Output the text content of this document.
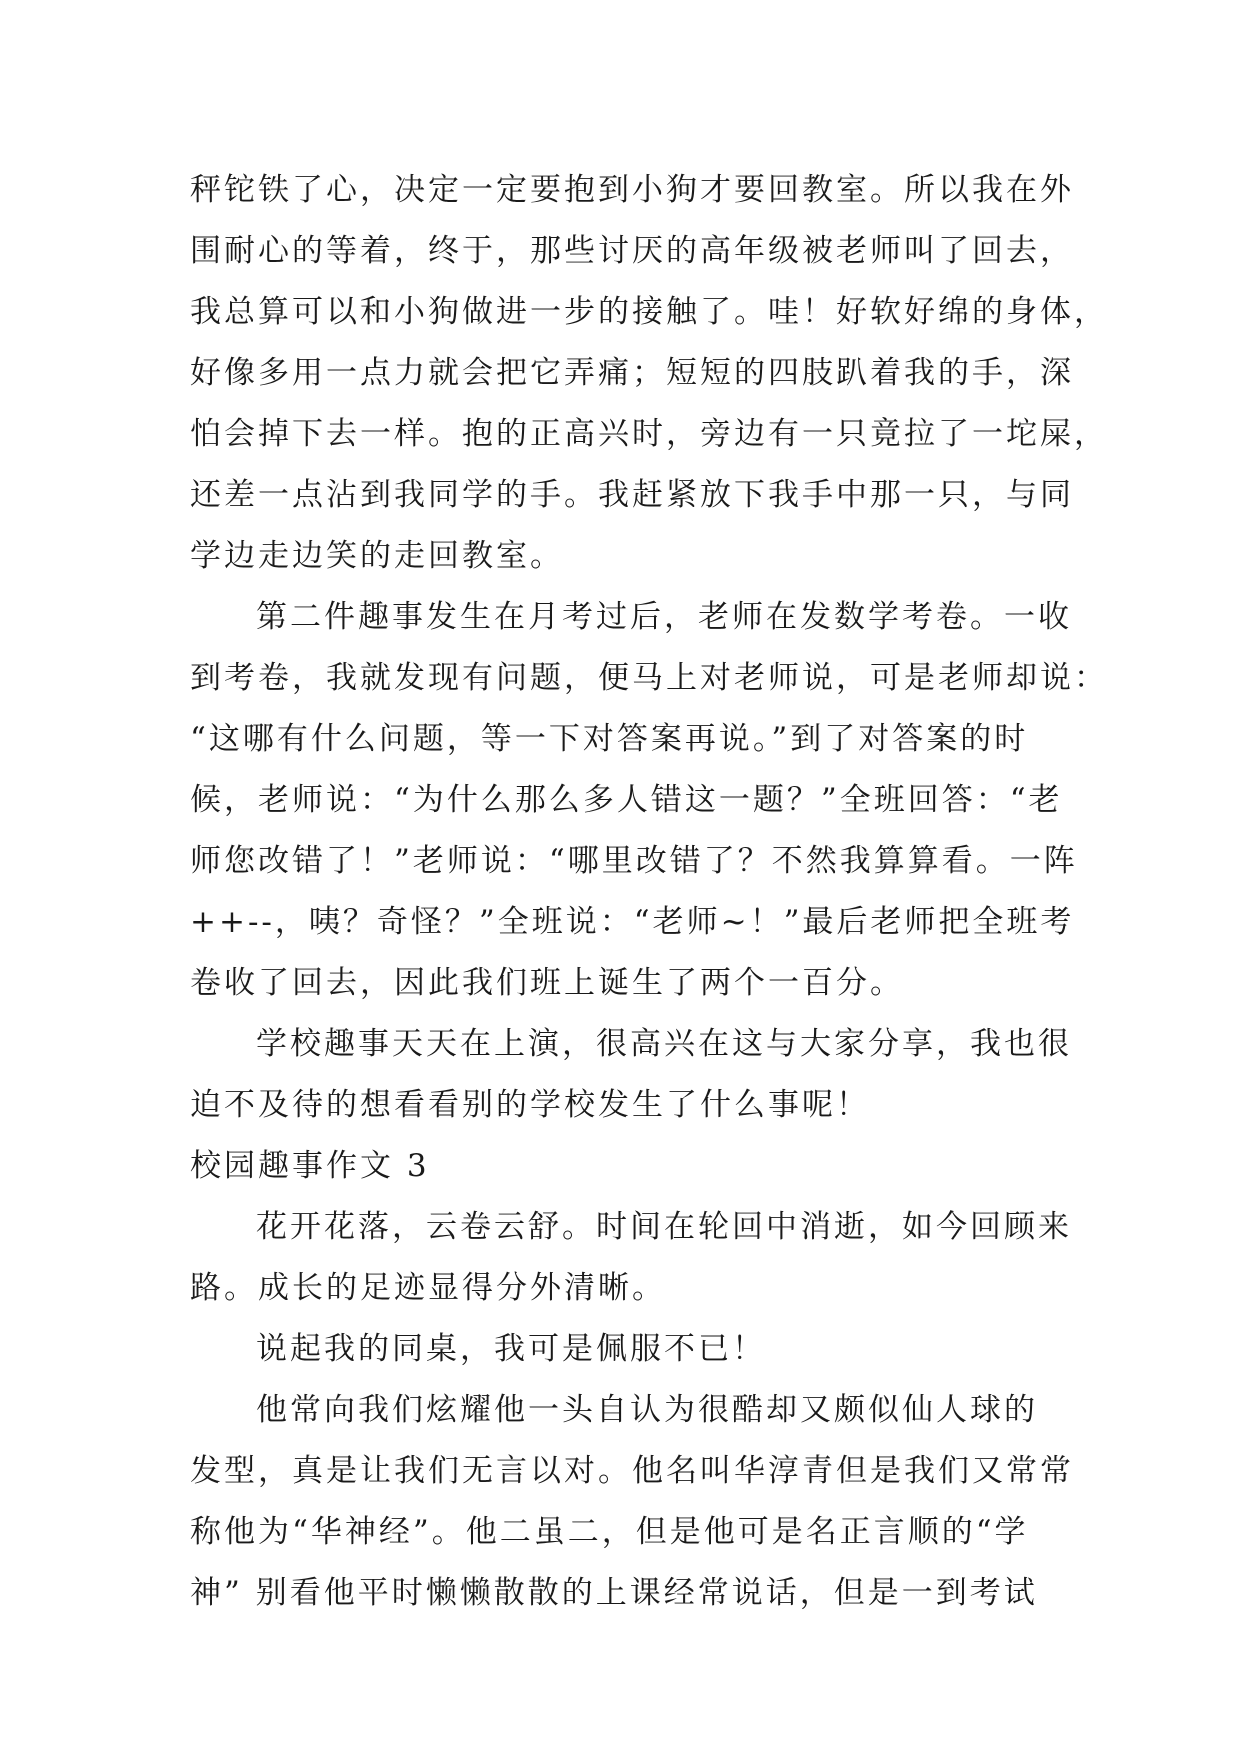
秤铊铁了心，决定一定要抱到小狗才要回教室。所以我在外
围耐心的等着，终于，那些讨厌的高年级被老师叫了回去，
我总算可以和小狗做进一步的接触了。哇！好软好绵的身体，
好像多用一点力就会把它弄痛；短短的四肢趴着我的手，深
怕会掉下去一样。抱的正高兴时，旁边有一只竟拉了一坨屎，
还差一点沾到我同学的手。我赶紧放下我手中那一只，与同
学边走边笑的走回教室。
第二件趣事发生在月考过后，老师在发数学考卷。一收
到考卷，我就发现有问题，便马上对老师说，可是老师却说：
“这哪有什么问题，等一下对答案再说。”到了对答案的时
候，老师说：“为什么那么多人错这一题？”全班回答：“老
师您改错了！”老师说：“哪里改错了？不然我算算看。一阵
++--，咦？奇怪？”全班说：“老师~！”最后老师把全班考
卷收了回去，因此我们班上诞生了两个一百分。
学校趣事天天在上演，很高兴在这与大家分享，我也很
迫不及待的想看看别的学校发生了什么事呢！
校园趣事作文 3
花开花落，云卷云舒。时间在轮回中消逝，如今回顾来
路。成长的足迹显得分外清晰。
说起我的同桌，我可是佩服不已！
他常向我们炫耀他一头自认为很酷却又颇似仙人球的
发型，真是让我们无言以对。他名叫华淳青但是我们又常常
称他为“华神经”。他二虽二，但是他可是名正言顺的“学
神” 别看他平时懒懒散散的上课经常说话，但是一到考试
